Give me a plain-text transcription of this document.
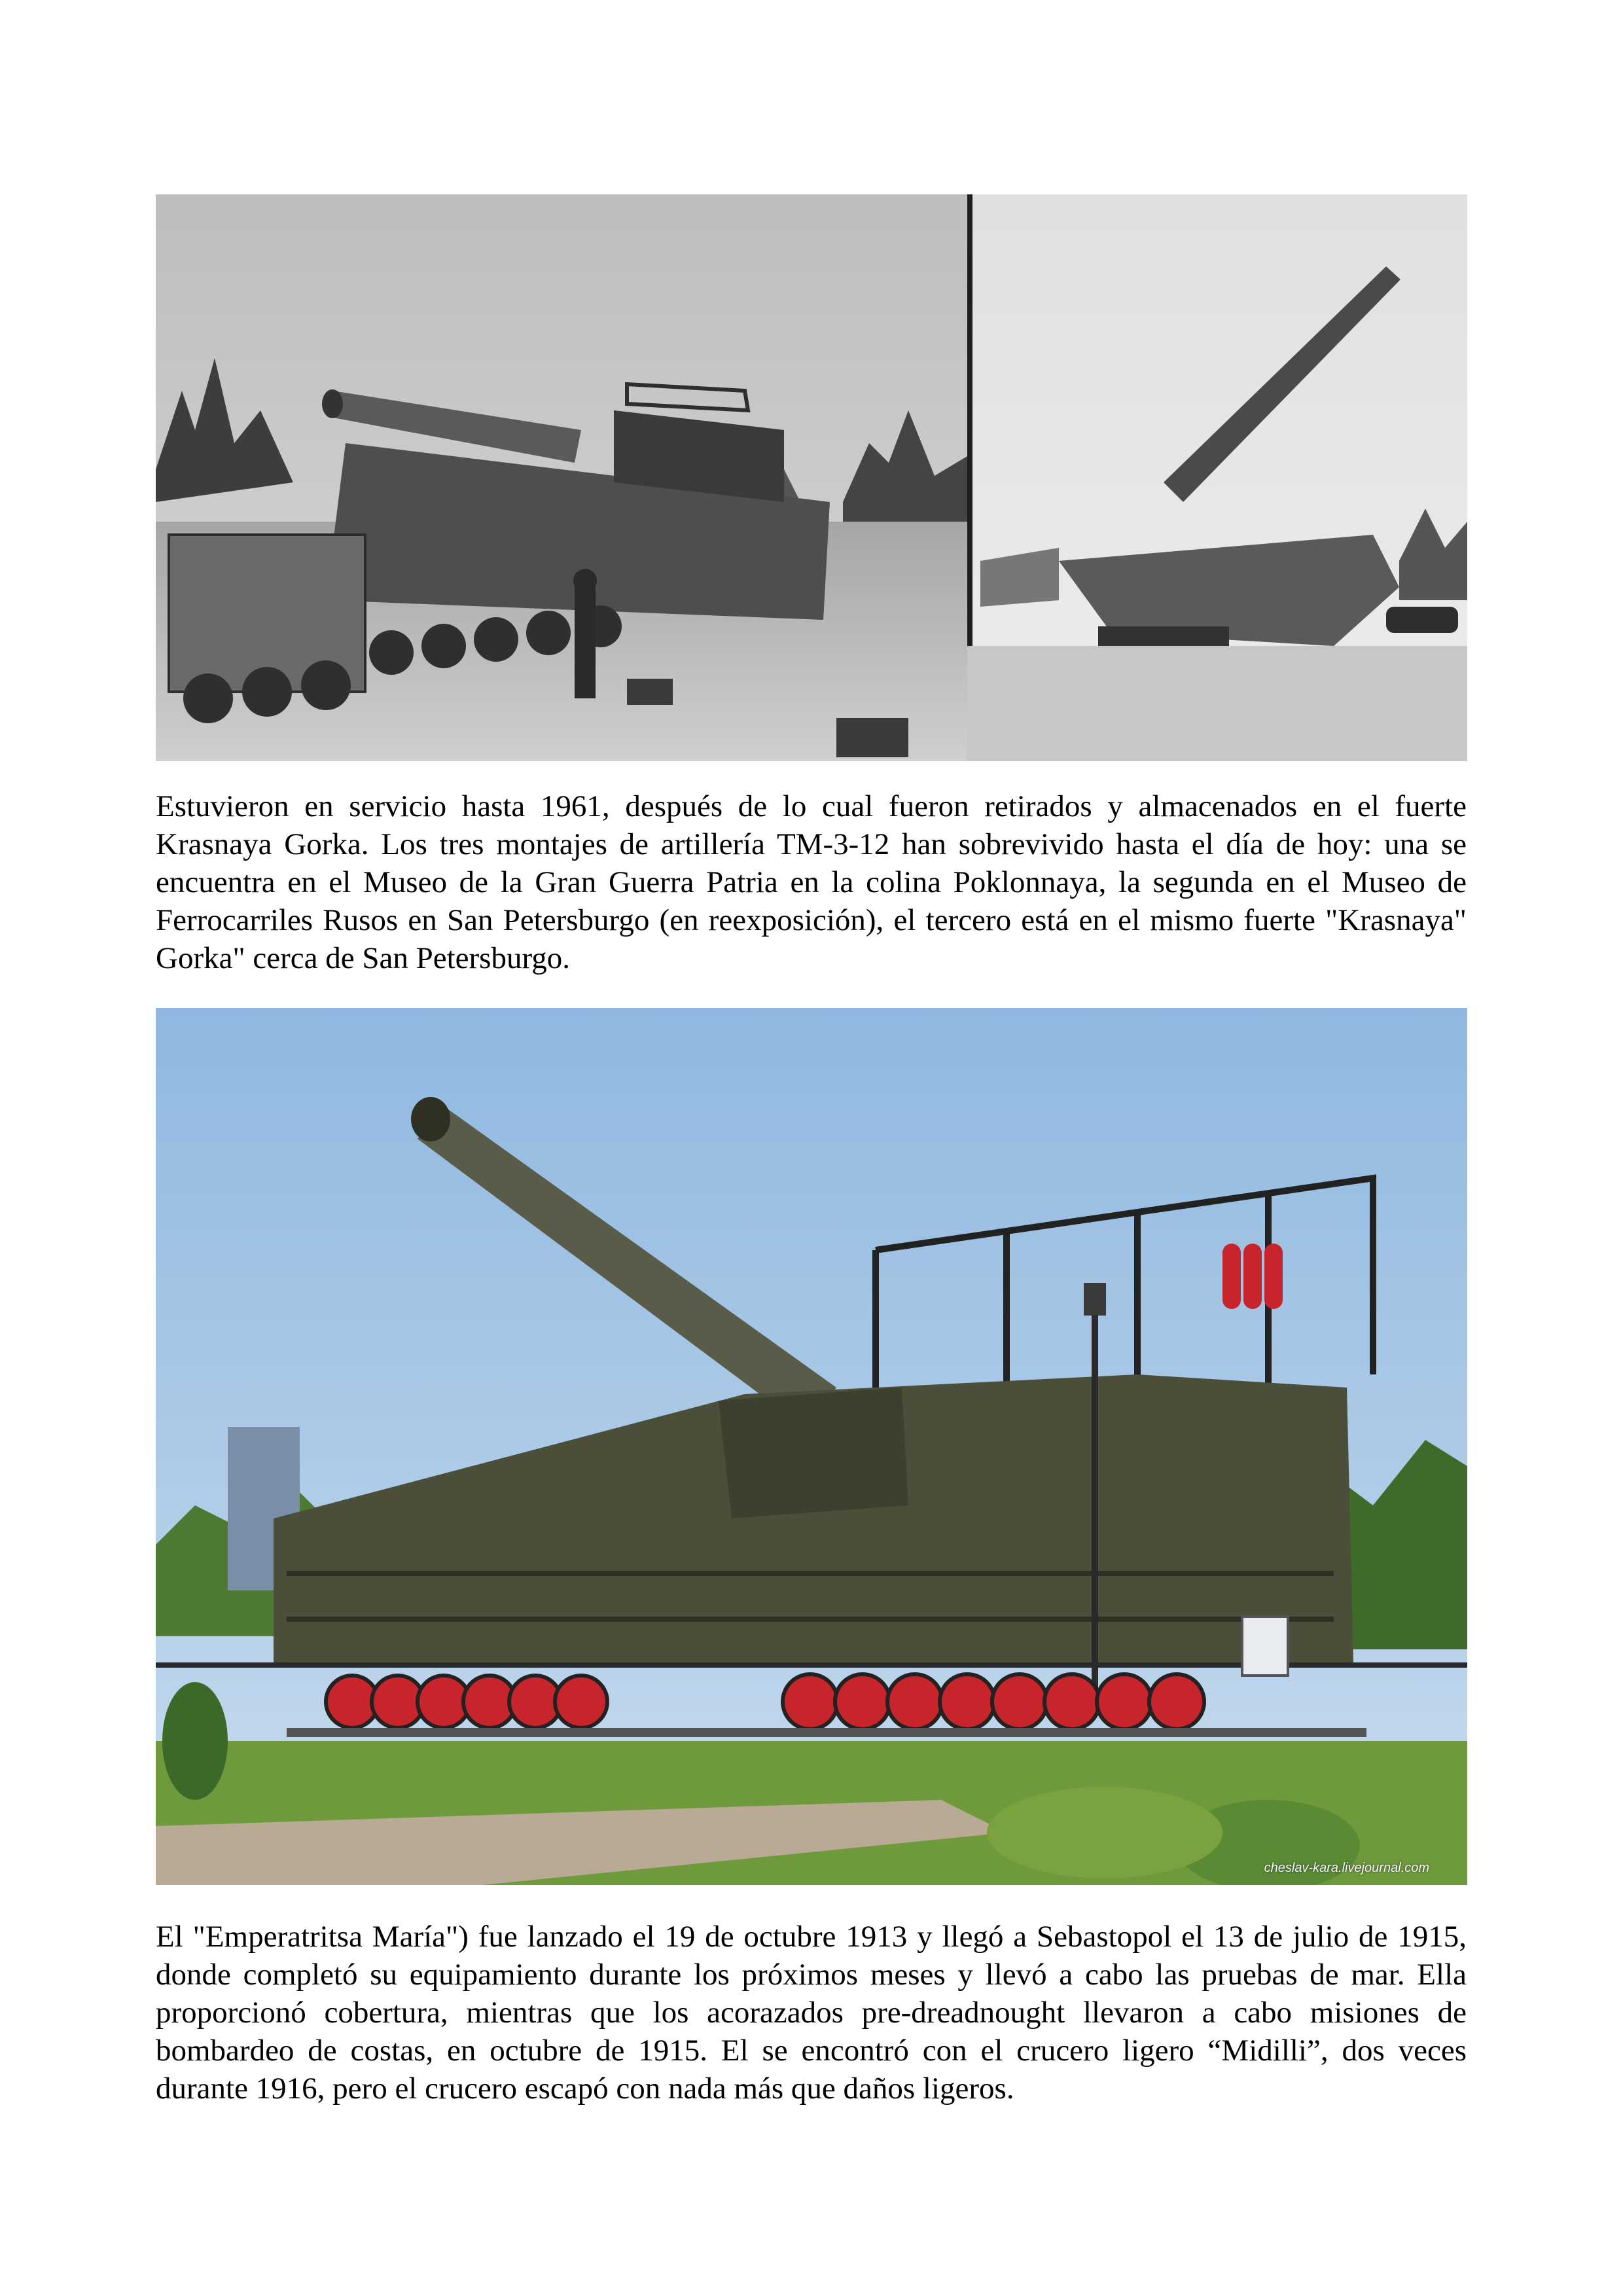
Estuvieron en servicio hasta 1961, después de lo cual fueron retirados y almacenados en el fuerte Krasnaya Gorka. Los tres montajes de artillería TM-3-12 han sobrevivido hasta el día de hoy: una se encuentra en el Museo de la Gran Guerra Patria en la colina Poklonnaya, la segunda en el Museo de Ferrocarriles Rusos en San Petersburgo (en reexposición), el tercero está en el mismo fuerte "Krasnaya" Gorka" cerca de San Petersburgo.

cheslav-kara.livejournal.com

El "Emperatritsa María") fue lanzado el 19 de octubre 1913 y llegó a Sebastopol el 13 de julio de 1915, donde completó su equipamiento durante los próximos meses y llevó a cabo las pruebas de mar. Ella proporcionó cobertura, mientras que los acorazados pre-dreadnought llevaron a cabo misiones de bombardeo de costas, en octubre de 1915. El se encontró con el crucero ligero “Midilli”, dos veces durante 1916, pero el crucero escapó con nada más que daños ligeros.
